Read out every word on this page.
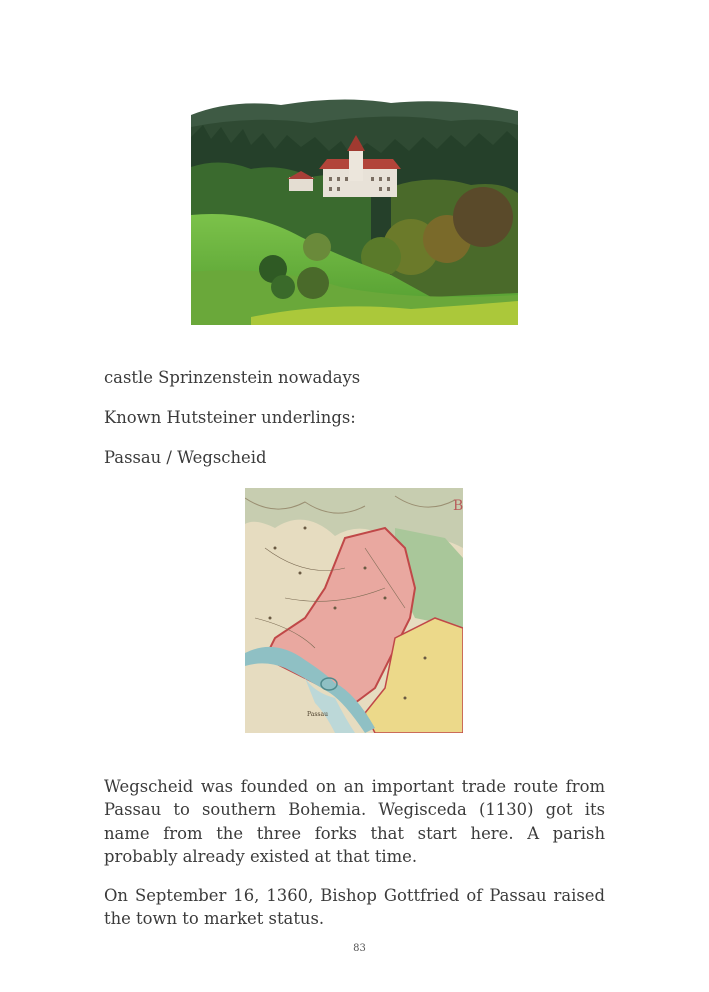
castle Sprinzenstein nowadays

Known Hutsteiner underlings:

Passau / Wegscheid

Passau
B

Wegscheid was founded on an important trade route from Passau to southern Bohemia. Wegisceda (1130) got its name from the three forks that start here. A parish probably already existed at that time.

On September 16, 1360, Bishop Gottfried of Passau raised the town to market status.

83
